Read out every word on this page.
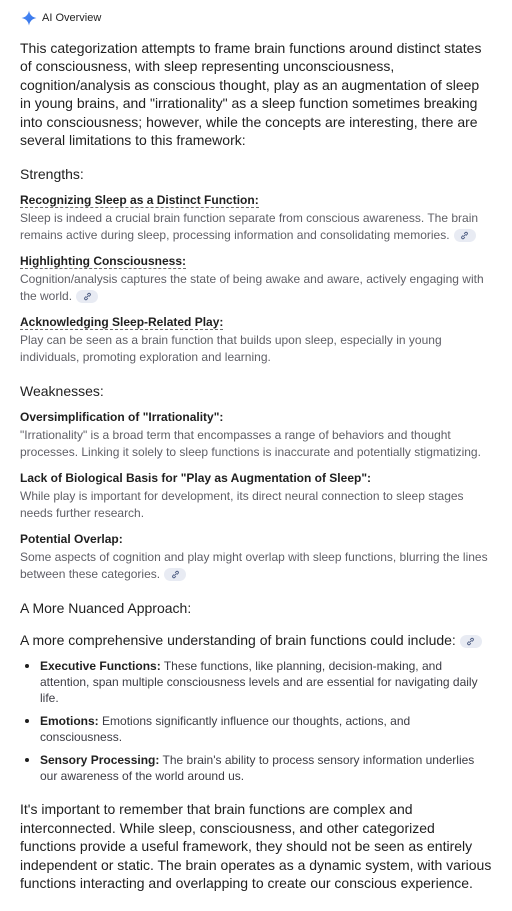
AI Overview
This categorization attempts to frame brain functions around distinct states of consciousness, with sleep representing unconsciousness, cognition/analysis as conscious thought, play as an augmentation of sleep in young brains, and "irrationality" as a sleep function sometimes breaking into consciousness; however, while the concepts are interesting, there are several limitations to this framework:
Strengths:
Recognizing Sleep as a Distinct Function:
Sleep is indeed a crucial brain function separate from conscious awareness. The brain remains active during sleep, processing information and consolidating memories.
Highlighting Consciousness:
Cognition/analysis captures the state of being awake and aware, actively engaging with the world.
Acknowledging Sleep-Related Play:
Play can be seen as a brain function that builds upon sleep, especially in young individuals, promoting exploration and learning.
Weaknesses:
Oversimplification of "Irrationality":
"Irrationality" is a broad term that encompasses a range of behaviors and thought processes. Linking it solely to sleep functions is inaccurate and potentially stigmatizing.
Lack of Biological Basis for "Play as Augmentation of Sleep":
While play is important for development, its direct neural connection to sleep stages needs further research.
Potential Overlap:
Some aspects of cognition and play might overlap with sleep functions, blurring the lines between these categories.
A More Nuanced Approach:
A more comprehensive understanding of brain functions could include:
Executive Functions: These functions, like planning, decision-making, and attention, span multiple consciousness levels and are essential for navigating daily life.
Emotions: Emotions significantly influence our thoughts, actions, and consciousness.
Sensory Processing: The brain's ability to process sensory information underlies our awareness of the world around us.
It's important to remember that brain functions are complex and interconnected. While sleep, consciousness, and other categorized functions provide a useful framework, they should not be seen as entirely independent or static. The brain operates as a dynamic system, with various functions interacting and overlapping to create our conscious experience.
